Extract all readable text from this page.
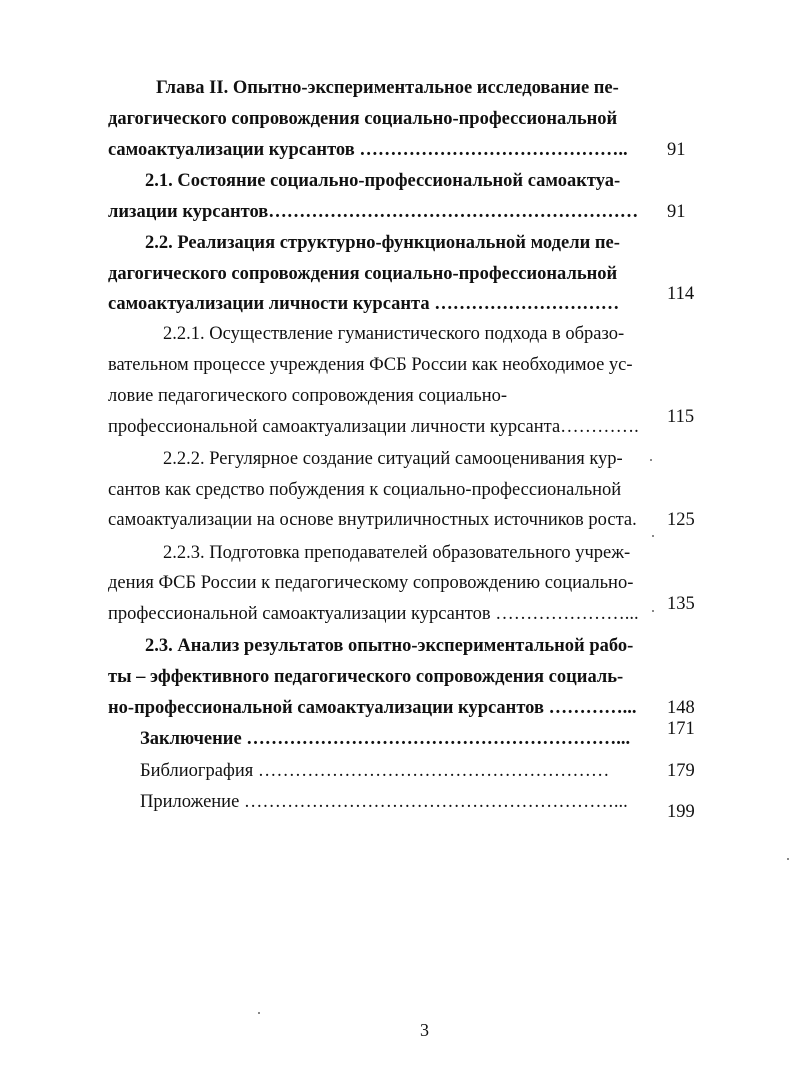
Глава II. Опытно-экспериментальное исследование пе-
дагогического сопровождения социально-профессиональной
самоактуализации курсантов …………………………………….. 91
2.1. Состояние социально-профессиональной самоактуа-
лизации курсантов…………………………………………………… 91
2.2. Реализация структурно-функциональной модели пе-
дагогического сопровождения социально-профессиональной
самоактуализации личности курсанта …………………………	114
2.2.1. Осуществление гуманистического подхода в образо-
вательном процессе учреждения ФСБ России как необходимое ус-
ловие педагогического сопровождения социально-
профессиональной самоактуализации личности курсанта…………. 115
2.2.2. Регулярное создание ситуаций самооценивания кур-
сантов как средство побуждения к социально-профессиональной
самоактуализации на основе внутриличностных источников роста. 125
2.2.3. Подготовка преподавателей образовательного учреж-
дения ФСБ России к педагогическому сопровождению социально-
профессиональной самоактуализации курсантов …………………... 135
2.3. Анализ результатов опытно-экспериментальной рабо-
ты – эффективного педагогического сопровождения социаль-
но-профессиональной самоактуализации курсантов …………... 148
Заключение ……………………………………………………... 171
Библиография …………………………………………………	179
Приложение ……………………………………………………... 199
3
